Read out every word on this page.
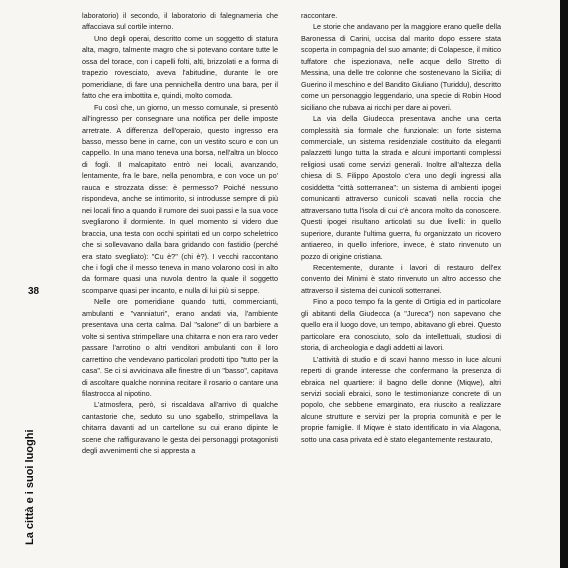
laboratorio) il secondo, il laboratorio di falegnameria che affacciava sul cortile interno.

Uno degli operai, descritto come un soggetto di statura alta, magro, talmente magro che si potevano contare tutte le ossa del torace, con i capelli folti, alti, brizzolati e a forma di trapezio rovesciato, aveva l'abitudine, durante le ore pomeridiane, di fare una pennichella dentro una bara, per il fatto che era imbottita e, quindi, molto comoda.

Fu così che, un giorno, un messo comunale, si presentò all'ingresso per consegnare una notifica per delle imposte arretrate. A differenza dell'operaio, questo ingresso era basso, messo bene in carne, con un vestito scuro e con un cappello. In una mano teneva una borsa, nell'altra un blocco di fogli. Il malcapitato entrò nei locali, avanzando, lentamente, fra le bare, nella penombra, e con voce un po' rauca e strozzata disse: è permesso? Poiché nessuno rispondeva, anche se intimorito, si introdusse sempre di più nei locali fino a quando il rumore dei suoi passi e la sua voce svegliarono il dormiente. In quel momento si videro due braccia, una testa con occhi spiritati ed un corpo scheletrico che si sollevavano dalla bara gridando con fastidio (perché era stato svegliato): "Cu è?" (chi è?). I vecchi raccontano che i fogli che il messo teneva in mano volarono così in alto da formare quasi una nuvola dentro la quale il soggetto scomparve quasi per incanto, e nulla di lui più si seppe.

Nelle ore pomeridiane quando tutti, commercianti, ambulanti e "vanniaturi", erano andati via, l'ambiente presentava una certa calma. Dal "salone" di un barbiere a volte si sentiva strimpellare una chitarra e non era raro veder passare l'arrotino o altri venditori ambulanti con il loro carrettino che vendevano particolari prodotti tipo "tutto per la casa". Se ci si avvicinava alle finestre di un "basso", capitava di ascoltare qualche nonnina recitare il rosario o cantare una filastrocca al nipotino.

L'atmosfera, però, si riscaldava all'arrivo di qualche cantastorie che, seduto su uno sgabello, strimpellava la chitarra davanti ad un cartellone su cui erano dipinte le scene che raffiguravano le gesta dei personaggi protagonisti degli avvenimenti che si appresta a

raccontare.

Le storie che andavano per la maggiore erano quelle della Baronessa di Carini, uccisa dal marito dopo essere stata scoperta in compagnia del suo amante; di Colapesce, il mitico tuffatore che ispezionava, nelle acque dello Stretto di Messina, una delle tre colonne che sostenevano la Sicilia; di Guerino il meschino e del Bandito Giuliano (Turiddu), descritto come un personaggio leggendario, una specie di Robin Hood siciliano che rubava ai ricchi per dare ai poveri.

La via della Giudecca presentava anche una certa complessità sia formale che funzionale: un forte sistema commerciale, un sistema residenziale costituito da eleganti palazzetti lungo tutta la strada e alcuni importanti complessi religiosi usati come servizi generali. Inoltre all'altezza della chiesa di S. Filippo Apostolo c'era uno degli ingressi alla cosiddetta "città sotterranea": un sistema di ambienti ipogei comunicanti attraverso cunicoli scavati nella roccia che attraversano tutta l'isola di cui c'è ancora molto da conoscere. Questi ipogei risultano articolati su due livelli: in quello superiore, durante l'ultima guerra, fu organizzato un ricovero antiaereo, in quello inferiore, invece, è stato rinvenuto un pozzo di origine cristiana.

Recentemente, durante i lavori di restauro dell'ex convento dei Minimi è stato rinvenuto un altro accesso che attraverso il sistema dei cunicoli sotterranei.

Fino a poco tempo fa la gente di Ortigia ed in particolare gli abitanti della Giudecca (a "Jureca") non sapevano che quello era il luogo dove, un tempo, abitavano gli ebrei. Questo particolare era conosciuto, solo da intellettuali, studiosi di storia, di archeologia e dagli addetti ai lavori.

L'attività di studio e di scavi hanno messo in luce alcuni reperti di grande interesse che confermano la presenza di ebraica nel quartiere: il bagno delle donne (Miqwe), altri servizi sociali ebraici, sono le testimonianze concrete di un popolo, che sebbene emarginato, era riuscito a realizzare alcune strutture e servizi per la propria comunità e per le proprie famiglie. Il Miqwe è stato identificato in via Alagona, sotto una casa privata ed è stato elegantemente restaurato,

38
La città e i suoi luoghi
